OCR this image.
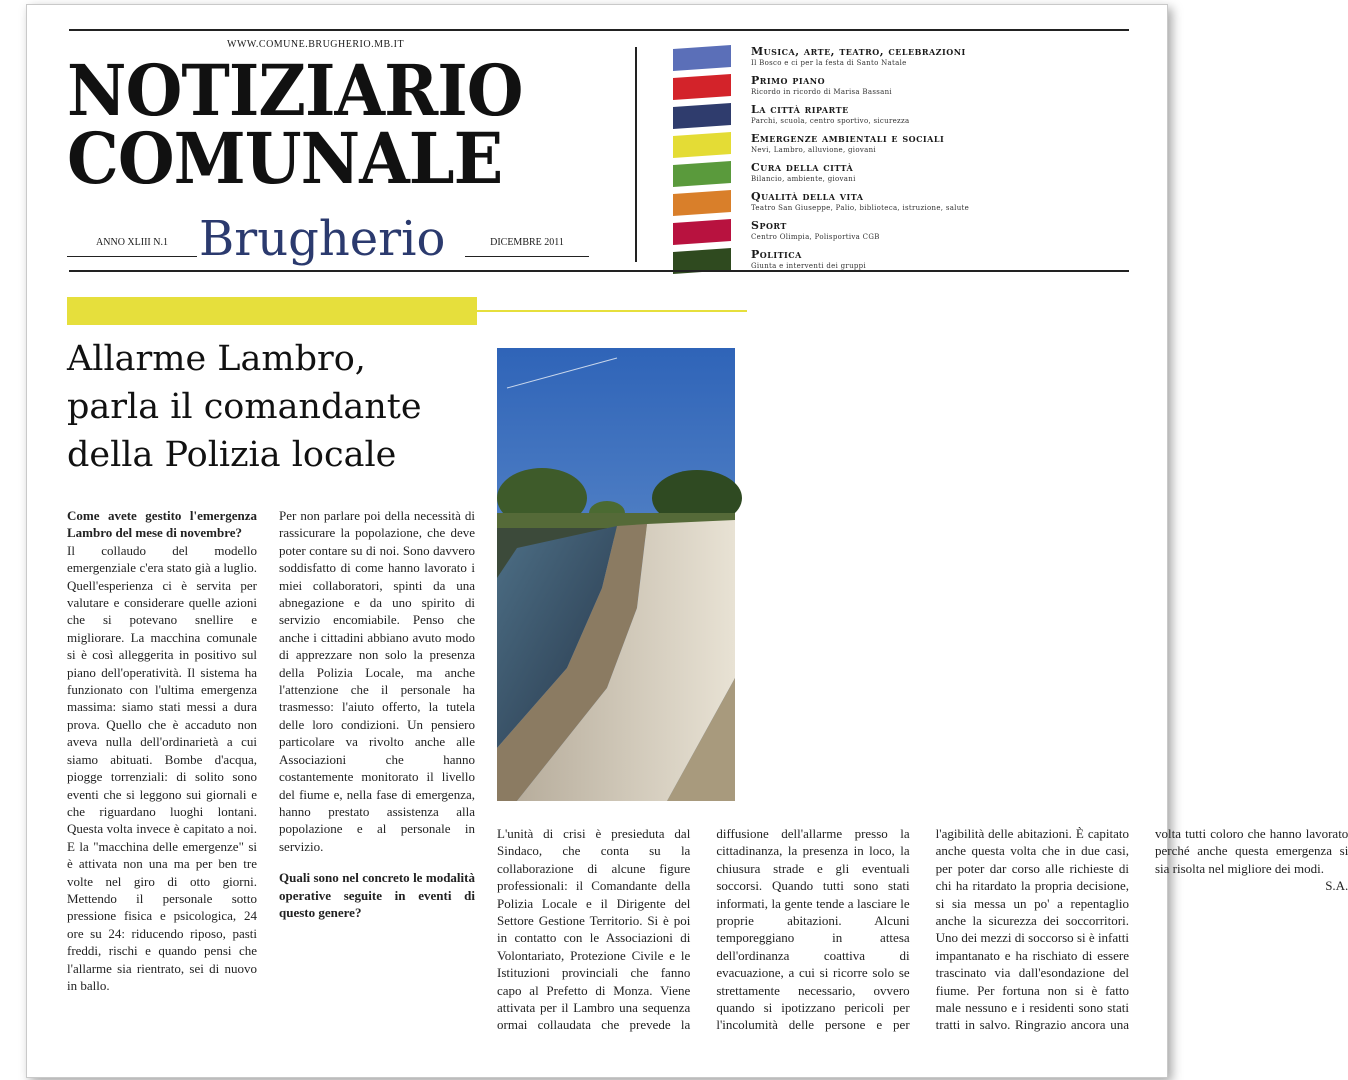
WWW.COMUNE.BRUGHERIO.MB.IT
NOTIZIARIO
COMUNALE
ANNO XLIII N.1 Brugherio	DICEMBRE 2011
Musica, arte, teatro, celebrazioni
Il Bosco e ci per la festa di Santo Natale
Primo piano
Ricordo in ricordo di Marisa Bassani
La città riparte
Parchi, scuola, centro sportivo, sicurezza
Emergenze ambientali e sociali
Nevi, Lambro, alluvione, giovani
Cura della città
Bilancio, ambiente, giovani
Qualità della vita
Teatro San Giuseppe, Palio, biblioteca, istruzione, salute
Sport
Centro Olimpia, Polisportiva CGB
Politica
Giunta e interventi dei gruppi
Allarme Lambro,
parla il comandante
della Polizia locale

Come avete gestito l'emergenza Lambro del mese di novembre?

Il collaudo del modello emergenziale c'era stato già a luglio. Quell'esperienza ci è servita per valutare e considerare quelle azioni che si potevano snellire e migliorare. La macchina comunale si è così alleggerita in positivo sul piano dell'operatività. Il sistema ha funzionato con l'ultima emergenza massima: siamo stati messi a dura prova. Quello che è accaduto non aveva nulla dell'ordinarietà a cui siamo abituati. Bombe d'acqua, piogge torrenziali: di solito sono eventi che si leggono sui giornali e che riguardano luoghi lontani. Questa volta invece è capitato a noi. E la "macchina delle emergenze" si è attivata non una ma per ben tre volte nel giro di otto giorni. Mettendo il personale sotto pressione fisica e psicologica, 24 ore su 24: riducendo riposo, pasti freddi, rischi e quando pensi che l'allarme sia rientrato, sei di nuovo in ballo.

Per non parlare poi della necessità di rassicurare la popolazione, che deve poter contare su di noi. Sono davvero soddisfatto di come hanno lavorato i miei collaboratori, spinti da una abnegazione e da uno spirito di servizio encomiabile. Penso che anche i cittadini abbiano avuto modo di apprezzare non solo la presenza della Polizia Locale, ma anche l'attenzione che il personale ha trasmesso: l'aiuto offerto, la tutela delle loro condizioni. Un pensiero particolare va rivolto anche alle Associazioni che hanno costantemente monitorato il livello del fiume e, nella fase di emergenza, hanno prestato assistenza alla popolazione e al personale in servizio.

Quali sono nel concreto le modalità operative seguite in eventi di questo genere?

L'unità di crisi è presieduta dal Sindaco, che conta su la collaborazione di alcune figure professionali: il Comandante della Polizia Locale e il Dirigente del Settore Gestione Territorio. Si è poi in contatto con le Associazioni di Volontariato, Protezione Civile e le Istituzioni provinciali che fanno capo al Prefetto di Monza. Viene attivata per il Lambro una sequenza ormai collaudata che prevede la diffusione dell'allarme presso la cittadinanza, la presenza in loco, la chiusura strade e gli eventuali soccorsi. Quando tutti sono stati informati, la gente tende a lasciare le proprie abitazioni. Alcuni temporeggiano in attesa dell'ordinanza coattiva di evacuazione, a cui si ricorre solo se strettamente necessario, ovvero quando si ipotizzano pericoli per l'incolumità delle persone e per l'agibilità delle abitazioni. È capitato anche questa volta che in due casi, per poter dar corso alle richieste di chi ha ritardato la propria decisione, si sia messa un po' a repentaglio anche la sicurezza dei soccorritori. Uno dei mezzi di soccorso si è infatti impantanato e ha rischiato di essere trascinato via dall'esondazione del fiume. Per fortuna non si è fatto male nessuno e i residenti sono stati tratti in salvo. Ringrazio ancora una volta tutti coloro che hanno lavorato perché anche questa emergenza si sia risolta nel migliore dei modi.

S.A.
